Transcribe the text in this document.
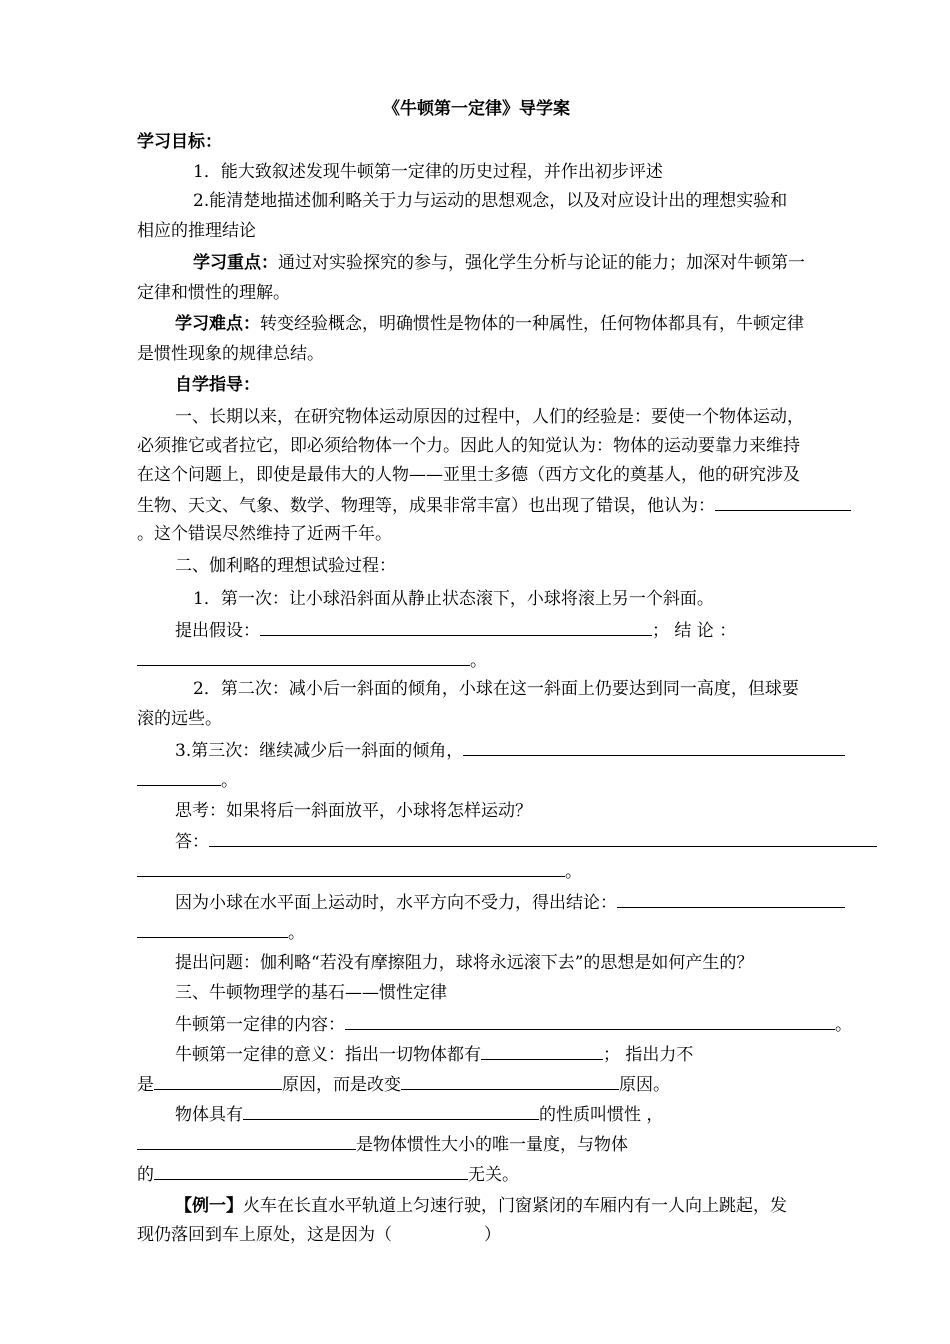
《牛顿第一定律》导学案
学习目标：
1．能大致叙述发现牛顿第一定律的历史过程，并作出初步评述
2.能清楚地描述伽利略关于力与运动的思想观念，以及对应设计出的理想实验和
相应的推理结论
学习重点：通过对实验探究的参与，强化学生分析与论证的能力；加深对牛顿第一
定律和惯性的理解。
学习难点：转变经验概念，明确惯性是物体的一种属性，任何物体都具有，牛顿定律
是惯性现象的规律总结。
自学指导：
一、长期以来，在研究物体运动原因的过程中，人们的经验是：要使一个物体运动，
必须推它或者拉它，即必须给物体一个力。因此人的知觉认为：物体的运动要靠力来维持
在这个问题上，即使是最伟大的人物——亚里士多德（西方文化的奠基人，他的研究涉及
生物、天文、气象、数学、物理等，成果非常丰富）也出现了错误，他认为：
。这个错误尽然维持了近两千年。
二、伽利略的理想试验过程：
1．第一次：让小球沿斜面从静止状态滚下，小球将滚上另一个斜面。
提出假设：	； 结 论 ：
。
2．第二次：减小后一斜面的倾角，小球在这一斜面上仍要达到同一高度，但球要
滚的远些。
3.第三次：继续减少后一斜面的倾角，
。
思考：如果将后一斜面放平，小球将怎样运动？
答：
。
因为小球在水平面上运动时，水平方向不受力，得出结论：
。
提出问题：伽利略“若没有摩擦阻力，球将永远滚下去”的思想是如何产生的？
三、牛顿物理学的基石——惯性定律
牛顿第一定律的内容：	。
牛顿第一定律的意义：指出一切物体都有	； 指出力不
是	原因，而是改变	原因。
物体具有	的性质叫惯性 ，
是物体惯性大小的唯一量度，与物体
的	无关。
【例一】火车在长直水平轨道上匀速行驶，门窗紧闭的车厢内有一人向上跳起，发
现仍落回到车上原处，这是因为（	）
